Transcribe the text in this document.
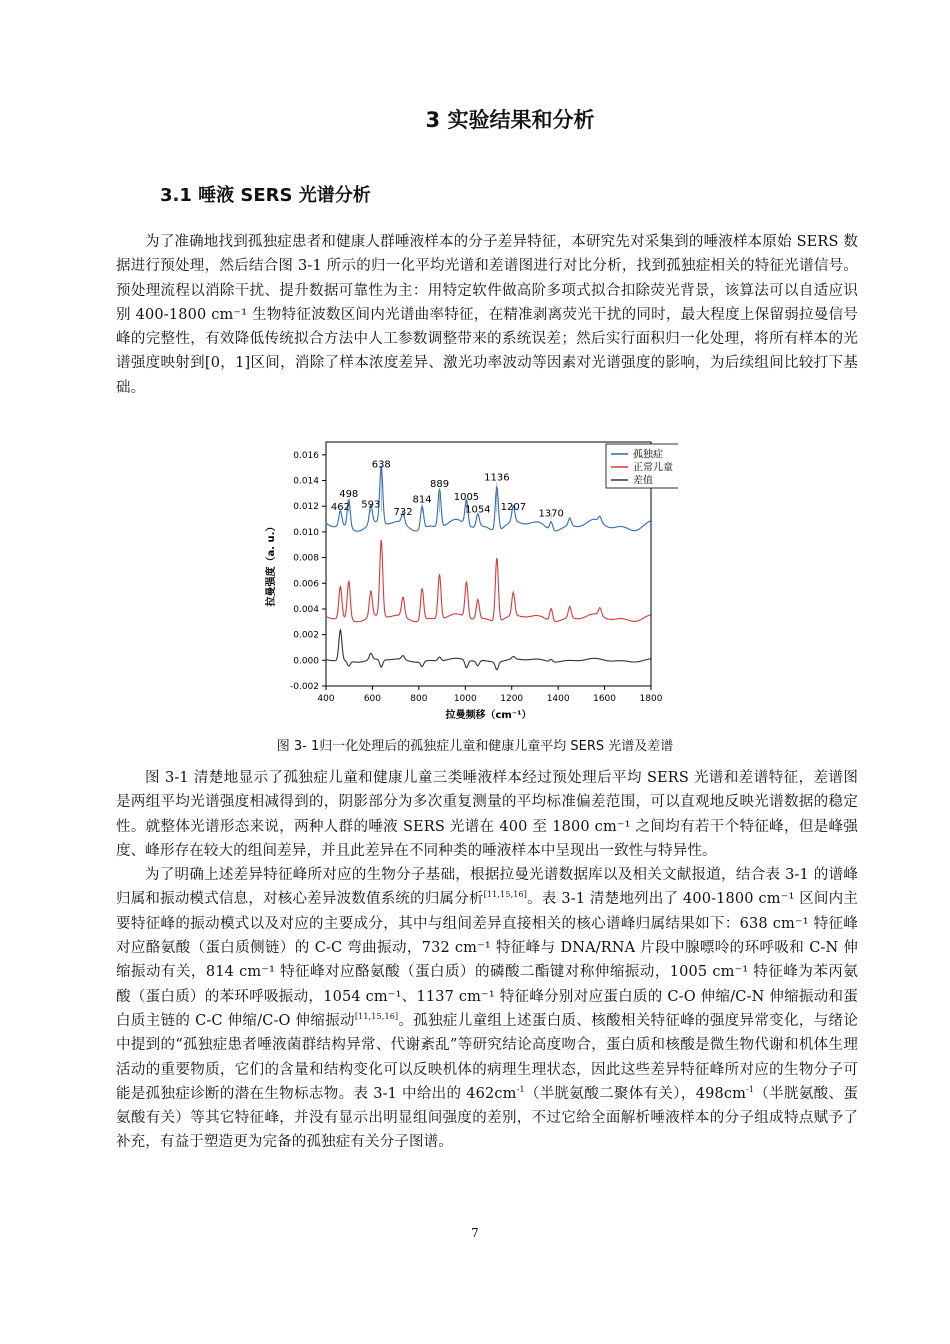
3 实验结果和分析
3.1 唾液 SERS 光谱分析

为了准确地找到孤独症患者和健康人群唾液样本的分子差异特征，本研究先对采集到的唾液样本原始 SERS 数据进行预处理，然后结合图 3-1 所示的归一化平均光谱和差谱图进行对比分析，找到孤独症相关的特征光谱信号。预处理流程以消除干扰、提升数据可靠性为主：用特定软件做高阶多项式拟合扣除荧光背景，该算法可以自适应识别 400-1800 cm⁻¹ 生物特征波数区间内光谱曲率特征，在精准剥离荧光干扰的同时，最大程度上保留弱拉曼信号峰的完整性，有效降低传统拟合方法中人工参数调整带来的系统误差；然后实行面积归一化处理，将所有样本的光谱强度映射到[0，1]区间，消除了样本浓度差异、激光功率波动等因素对光谱强度的影响，为后续组间比较打下基础。

400	600	800	1000	1200	1400	1600	1800
0.016
0.014
0.012
0.010
0.008
0.006
0.004
0.002
0.000
-0.002
拉曼频移（cm⁻¹）
拉曼强度（a. u.）
462
498
593
638
732
814
889
1005
1054
1136
1207
1370
孤独症
正常儿童
差值
图 3- 1归一化处理后的孤独症儿童和健康儿童平均 SERS 光谱及差谱

图 3-1 清楚地显示了孤独症儿童和健康儿童三类唾液样本经过预处理后平均 SERS 光谱和差谱特征，差谱图是两组平均光谱强度相减得到的，阴影部分为多次重复测量的平均标准偏差范围，可以直观地反映光谱数据的稳定性。就整体光谱形态来说，两种人群的唾液 SERS 光谱在 400 至 1800 cm⁻¹ 之间均有若干个特征峰，但是峰强度、峰形存在较大的组间差异，并且此差异在不同种类的唾液样本中呈现出一致性与特异性。

为了明确上述差异特征峰所对应的生物分子基础，根据拉曼光谱数据库以及相关文献报道，结合表 3-1 的谱峰归属和振动模式信息，对核心差异波数值系统的归属分析[11,15,16]。表 3-1 清楚地列出了 400-1800 cm⁻¹ 区间内主要特征峰的振动模式以及对应的主要成分，其中与组间差异直接相关的核心谱峰归属结果如下：638 cm⁻¹ 特征峰对应酪氨酸（蛋白质侧链）的 C-C 弯曲振动，732 cm⁻¹ 特征峰与 DNA/RNA 片段中腺嘌呤的环呼吸和 C-N 伸缩振动有关，814 cm⁻¹ 特征峰对应酪氨酸（蛋白质）的磷酸二酯键对称伸缩振动，1005 cm⁻¹ 特征峰为苯丙氨酸（蛋白质）的苯环呼吸振动，1054 cm⁻¹、1137 cm⁻¹ 特征峰分别对应蛋白质的 C-O 伸缩/C-N 伸缩振动和蛋白质主链的 C-C 伸缩/C-O 伸缩振动[11,15,16]。孤独症儿童组上述蛋白质、核酸相关特征峰的强度异常变化，与绪论中提到的“孤独症患者唾液菌群结构异常、代谢紊乱”等研究结论高度吻合，蛋白质和核酸是微生物代谢和机体生理活动的重要物质，它们的含量和结构变化可以反映机体的病理生理状态，因此这些差异特征峰所对应的生物分子可能是孤独症诊断的潜在生物标志物。表 3-1 中给出的 $462cm^{-1}$（半胱氨酸二聚体有关），$498cm^{-1}$（半胱氨酸、蛋氨酸有关）等其它特征峰，并没有显示出明显组间强度的差别，不过它给全面解析唾液样本的分子组成特点赋予了补充，有益于塑造更为完备的孤独症有关分子图谱。

7
